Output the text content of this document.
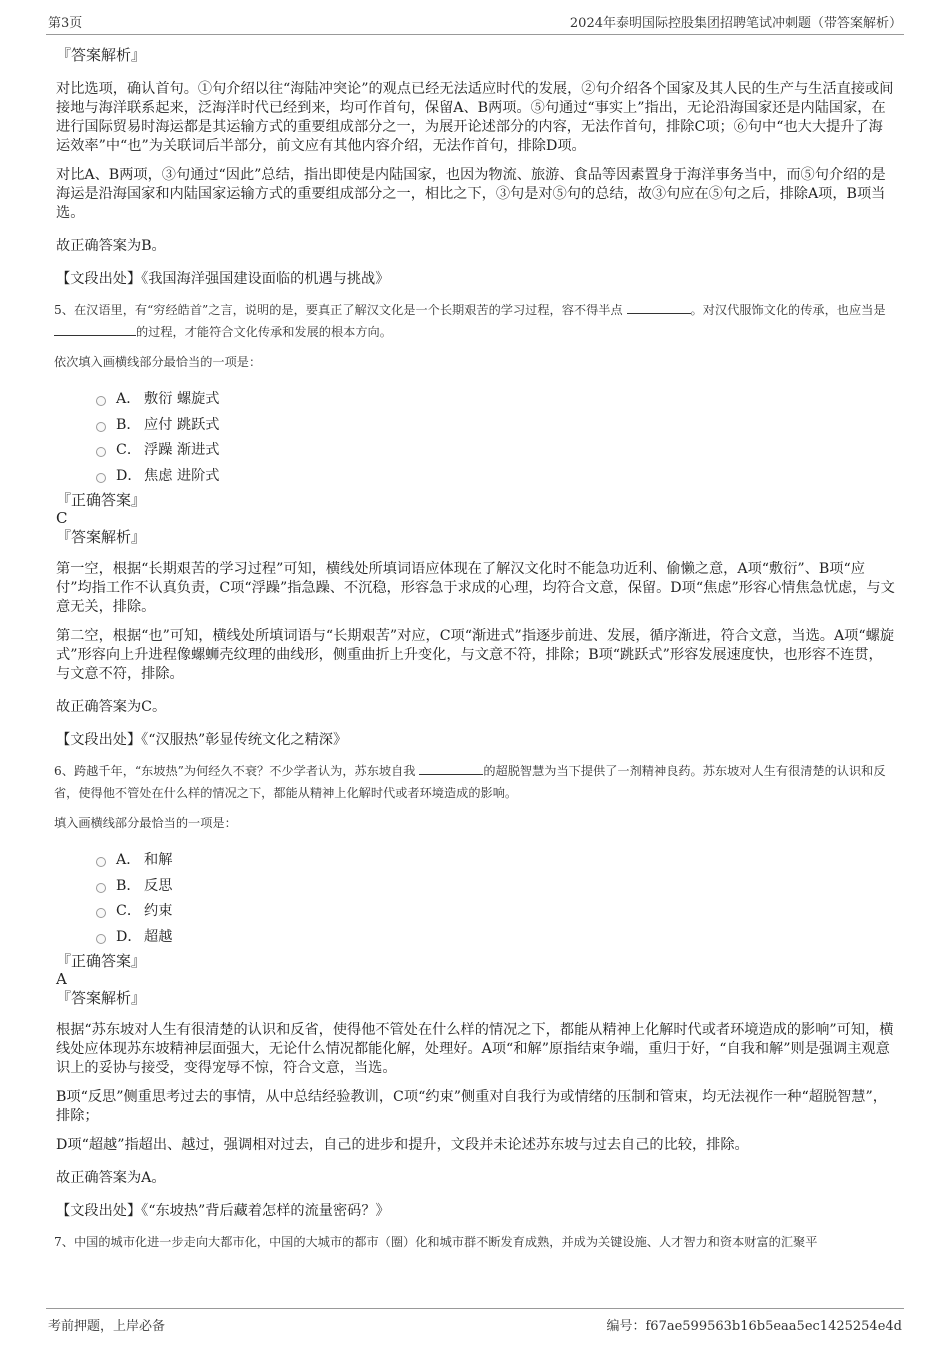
第3页	2024年泰明国际控股集团招聘笔试冲刺题（带答案解析）
『答案解析』

对比选项，确认首句。①句介绍以往“海陆冲突论”的观点已经无法适应时代的发展，②句介绍各个国家及其人民的生产与生活直接或间接地与海洋联系起来，泛海洋时代已经到来，均可作首句，保留A、B两项。⑤句通过“事实上”指出，无论沿海国家还是内陆国家，在进行国际贸易时海运都是其运输方式的重要组成部分之一，为展开论述部分的内容，无法作首句，排除C项；⑥句中“也大大提升了海运效率”中“也”为关联词后半部分，前文应有其他内容介绍，无法作首句，排除D项。

对比A、B两项，③句通过“因此”总结，指出即使是内陆国家，也因为物流、旅游、食品等因素置身于海洋事务当中，而⑤句介绍的是海运是沿海国家和内陆国家运输方式的重要组成部分之一，相比之下，③句是对⑤句的总结，故③句应在⑤句之后，排除A项，B项当选。

故正确答案为B。

【文段出处】《我国海洋强国建设面临的机遇与挑战》

5、在汉语里，有“穷经皓首”之言，说明的是，要真正了解汉文化是一个长期艰苦的学习过程，容不得半点	。对汉代服饰文化的传承，也应当是 的过程，才能符合文化传承和发展的根本方向。

依次填入画横线部分最恰当的一项是：

A． 敷衍 螺旋式
B． 应付 跳跃式
C． 浮躁 渐进式
D． 焦虑 进阶式
『正确答案』
C
『答案解析』

第一空，根据“长期艰苦的学习过程”可知，横线处所填词语应体现在了解汉文化时不能急功近利、偷懒之意，A项“敷衍”、B项“应付”均指工作不认真负责，C项“浮躁”指急躁、不沉稳，形容急于求成的心理，均符合文意，保留。D项“焦虑”形容心情焦急忧虑，与文意无关，排除。

第二空，根据“也”可知，横线处所填词语与“长期艰苦”对应，C项“渐进式”指逐步前进、发展，循序渐进，符合文意，当选。A项“螺旋式”形容向上升进程像螺蛳壳纹理的曲线形，侧重曲折上升变化，与文意不符，排除；B项“跳跃式”形容发展速度快，也形容不连贯，与文意不符，排除。

故正确答案为C。

【文段出处】《“汉服热”彰显传统文化之精深》

6、跨越千年，“东坡热”为何经久不衰？不少学者认为，苏东坡自我	的超脱智慧为当下提供了一剂精神良药。苏东坡对人生有很清楚的认识和反省，使得他不管处在什么样的情况之下，都能从精神上化解时代或者环境造成的影响。

填入画横线部分最恰当的一项是：

A． 和解
B． 反思
C． 约束
D． 超越
『正确答案』
A
『答案解析』

根据“苏东坡对人生有很清楚的认识和反省，使得他不管处在什么样的情况之下，都能从精神上化解时代或者环境造成的影响”可知，横线处应体现苏东坡精神层面强大，无论什么情况都能化解，处理好。A项“和解”原指结束争端，重归于好，“自我和解”则是强调主观意识上的妥协与接受，变得宠辱不惊，符合文意，当选。

B项“反思”侧重思考过去的事情，从中总结经验教训，C项“约束”侧重对自我行为或情绪的压制和管束，均无法视作一种“超脱智慧”，排除；

D项“超越”指超出、越过，强调相对过去，自己的进步和提升，文段并未论述苏东坡与过去自己的比较，排除。

故正确答案为A。

【文段出处】《“东坡热”背后藏着怎样的流量密码？》

7、中国的城市化进一步走向大都市化，中国的大城市的都市（圈）化和城市群不断发育成熟，并成为关键设施、人才智力和资本财富的汇聚平

考前押题，上岸必备	编号：f67ae599563b16b5eaa5ec1425254e4d
